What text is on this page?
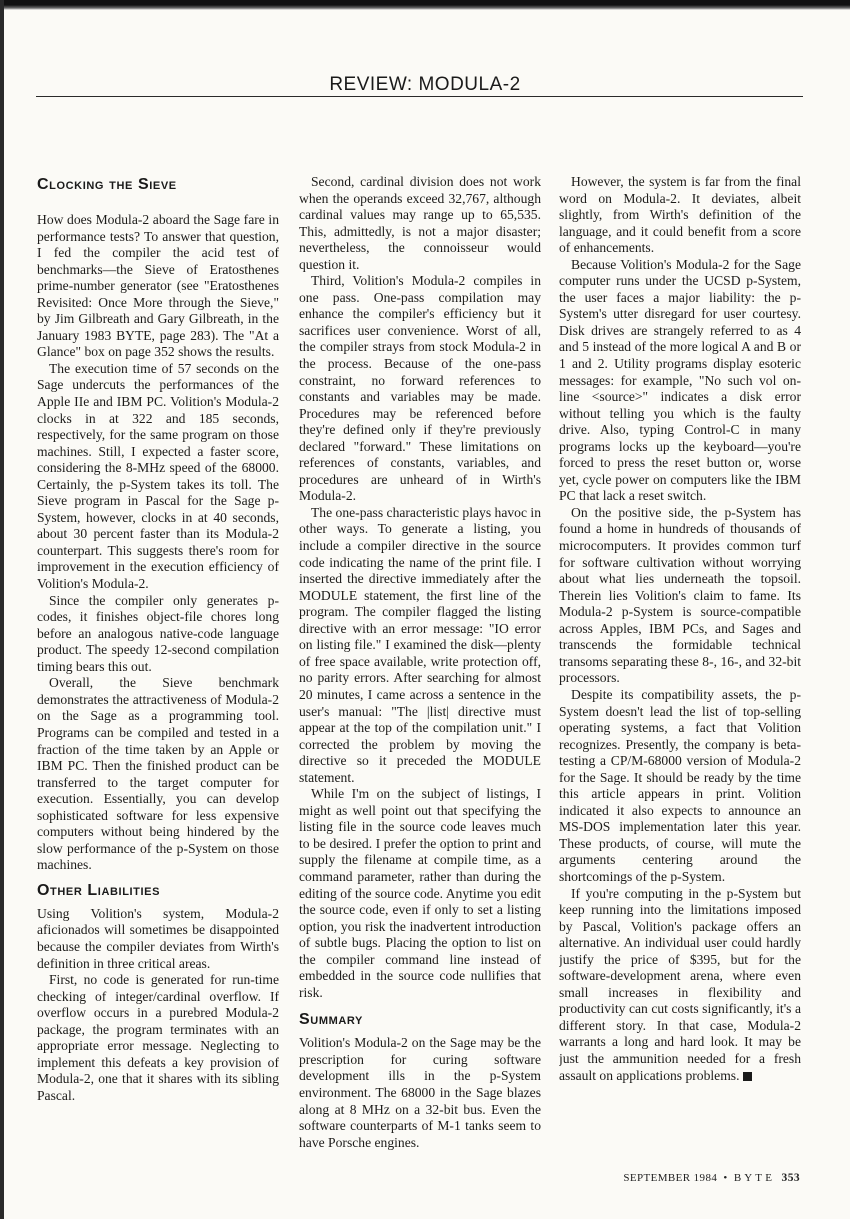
REVIEW: MODULA-2
Clocking the Sieve

How does Modula-2 aboard the Sage fare in performance tests? To answer that question, I fed the compiler the acid test of benchmarks—the Sieve of Eratosthenes prime-number generator (see "Eratosthenes Revisited: Once More through the Sieve," by Jim Gilbreath and Gary Gilbreath, in the January 1983 BYTE, page 283). The "At a Glance" box on page 352 shows the results.

The execution time of 57 seconds on the Sage undercuts the performances of the Apple IIe and IBM PC. Volition's Modula-2 clocks in at 322 and 185 seconds, respectively, for the same program on those machines. Still, I expected a faster score, considering the 8-MHz speed of the 68000. Certainly, the p-System takes its toll. The Sieve program in Pascal for the Sage p-System, however, clocks in at 40 seconds, about 30 percent faster than its Modula-2 counterpart. This suggests there's room for improvement in the execution efficiency of Volition's Modula-2.

Since the compiler only generates p-codes, it finishes object-file chores long before an analogous native-code language product. The speedy 12-second compilation timing bears this out.

Overall, the Sieve benchmark demonstrates the attractiveness of Modula-2 on the Sage as a programming tool. Programs can be compiled and tested in a fraction of the time taken by an Apple or IBM PC. Then the finished product can be transferred to the target computer for execution. Essentially, you can develop sophisticated software for less expensive computers without being hindered by the slow performance of the p-System on those machines.

Other Liabilities

Using Volition's system, Modula-2 aficionados will sometimes be disappointed because the compiler deviates from Wirth's definition in three critical areas.

First, no code is generated for run-time checking of integer/cardinal overflow. If overflow occurs in a purebred Modula-2 package, the program terminates with an appropriate error message. Neglecting to implement this defeats a key provision of Modula-2, one that it shares with its sibling Pascal.

Second, cardinal division does not work when the operands exceed 32,767, although cardinal values may range up to 65,535. This, admittedly, is not a major disaster; nevertheless, the connoisseur would question it.

Third, Volition's Modula-2 compiles in one pass. One-pass compilation may enhance the compiler's efficiency but it sacrifices user convenience. Worst of all, the compiler strays from stock Modula-2 in the process. Because of the one-pass constraint, no forward references to constants and variables may be made. Procedures may be referenced before they're defined only if they're previously declared "forward." These limitations on references of constants, variables, and procedures are unheard of in Wirth's Modula-2.

The one-pass characteristic plays havoc in other ways. To generate a listing, you include a compiler directive in the source code indicating the name of the print file. I inserted the directive immediately after the MODULE statement, the first line of the program. The compiler flagged the listing directive with an error message: "IO error on listing file." I examined the disk—plenty of free space available, write protection off, no parity errors. After searching for almost 20 minutes, I came across a sentence in the user's manual: "The |list| directive must appear at the top of the compilation unit." I corrected the problem by moving the directive so it preceded the MODULE statement.

While I'm on the subject of listings, I might as well point out that specifying the listing file in the source code leaves much to be desired. I prefer the option to print and supply the filename at compile time, as a command parameter, rather than during the editing of the source code. Anytime you edit the source code, even if only to set a listing option, you risk the inadvertent introduction of subtle bugs. Placing the option to list on the compiler command line instead of embedded in the source code nullifies that risk.

Summary

Volition's Modula-2 on the Sage may be the prescription for curing software development ills in the p-System environment. The 68000 in the Sage blazes along at 8 MHz on a 32-bit bus. Even the software counterparts of M-1 tanks seem to have Porsche engines.

However, the system is far from the final word on Modula-2. It deviates, albeit slightly, from Wirth's definition of the language, and it could benefit from a score of enhancements.

Because Volition's Modula-2 for the Sage computer runs under the UCSD p-System, the user faces a major liability: the p-System's utter disregard for user courtesy. Disk drives are strangely referred to as 4 and 5 instead of the more logical A and B or 1 and 2. Utility programs display esoteric messages: for example, "No such vol on-line <source>" indicates a disk error without telling you which is the faulty drive. Also, typing Control-C in many programs locks up the keyboard—you're forced to press the reset button or, worse yet, cycle power on computers like the IBM PC that lack a reset switch.

On the positive side, the p-System has found a home in hundreds of thousands of microcomputers. It provides common turf for software cultivation without worrying about what lies underneath the topsoil. Therein lies Volition's claim to fame. Its Modula-2 p-System is source-compatible across Apples, IBM PCs, and Sages and transcends the formidable technical transoms separating these 8-, 16-, and 32-bit processors.

Despite its compatibility assets, the p-System doesn't lead the list of top-selling operating systems, a fact that Volition recognizes. Presently, the company is beta-testing a CP/M-68000 version of Modula-2 for the Sage. It should be ready by the time this article appears in print. Volition indicated it also expects to announce an MS-DOS implementation later this year. These products, of course, will mute the arguments centering around the shortcomings of the p-System.

If you're computing in the p-System but keep running into the limitations imposed by Pascal, Volition's package offers an alternative. An individual user could hardly justify the price of $395, but for the software-development arena, where even small increases in flexibility and productivity can cut costs significantly, it's a different story. In that case, Modula-2 warrants a long and hard look. It may be just the ammunition needed for a fresh assault on applications problems.

SEPTEMBER 1984 • B Y T E 353
